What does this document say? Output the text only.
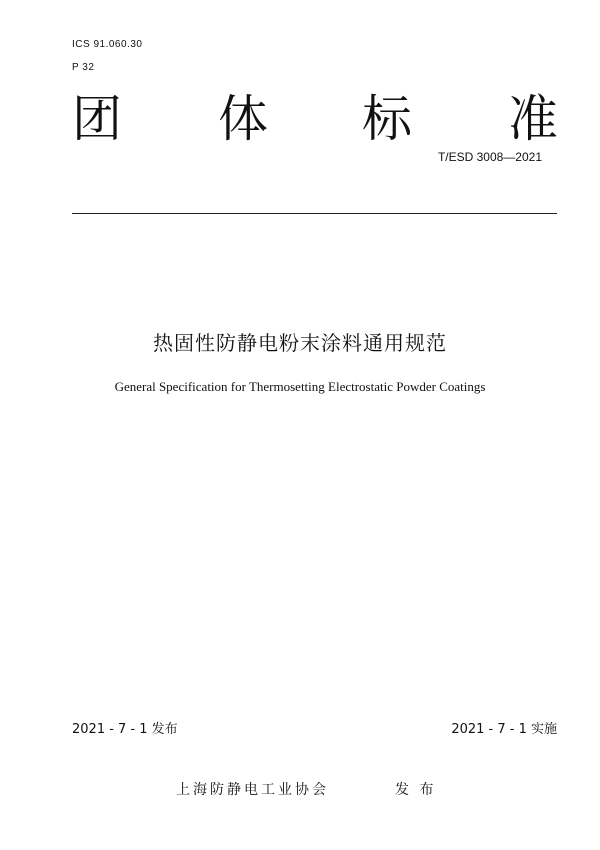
ICS 91.060.30
P 32
团 体 标 准
T/ESD 3008—2021
热固性防静电粉末涂料通用规范
General Specification for Thermosetting Electrostatic Powder Coatings
2021 - 7 - 1 发布	2021 - 7 - 1 实施
上海防静电工业协会	发 布
